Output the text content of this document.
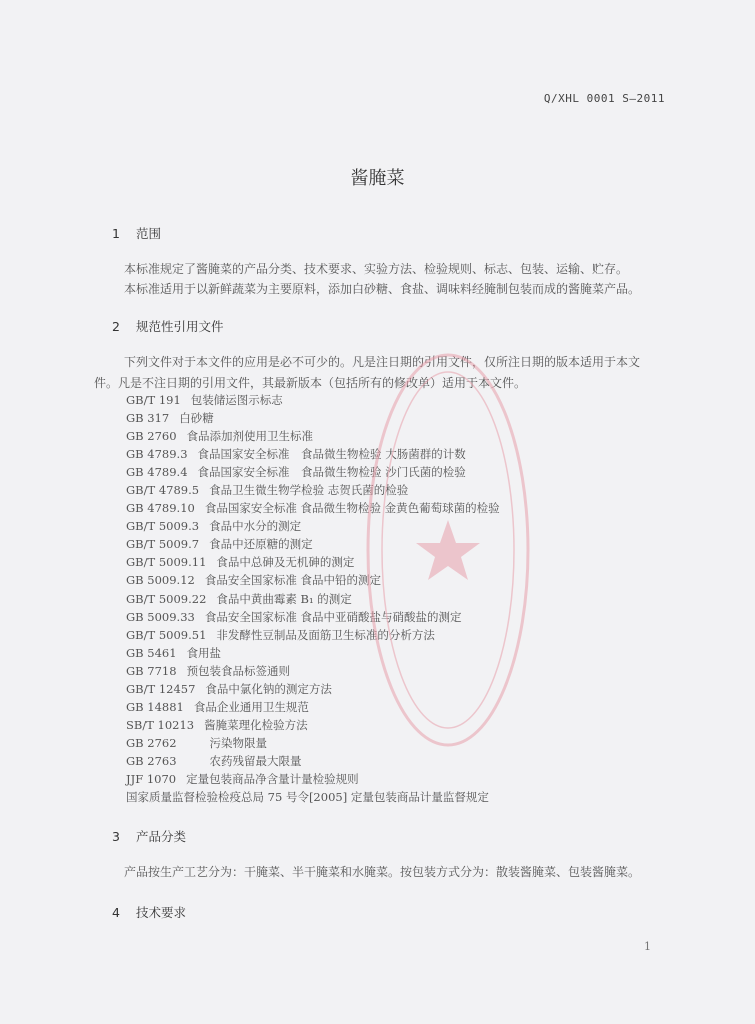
Q/XHL 0001 S—2011
酱腌菜
1 范围
本标准规定了酱腌菜的产品分类、技术要求、实验方法、检验规则、标志、包装、运输、贮存。
本标准适用于以新鲜蔬菜为主要原料，添加白砂糖、食盐、调味料经腌制包装而成的酱腌菜产品。
2 规范性引用文件
下列文件对于本文件的应用是必不可少的。凡是注日期的引用文件，仅所注日期的版本适用于本文
件。凡是不注日期的引用文件，其最新版本（包括所有的修改单）适用于本文件。
GB/T 191 包装储运图示标志
GB 317 白砂糖
GB 2760 食品添加剂使用卫生标准
GB 4789.3 食品国家安全标准　食品微生物检验 大肠菌群的计数
GB 4789.4 食品国家安全标准　食品微生物检验 沙门氏菌的检验
GB/T 4789.5 食品卫生微生物学检验 志贺氏菌的检验
GB 4789.10 食品国家安全标准 食品微生物检验 金黄色葡萄球菌的检验
GB/T 5009.3 食品中水分的测定
GB/T 5009.7 食品中还原糖的测定
GB/T 5009.11 食品中总砷及无机砷的测定
GB 5009.12 食品安全国家标准 食品中铅的测定
GB/T 5009.22 食品中黄曲霉素 B₁ 的测定
GB 5009.33 食品安全国家标准 食品中亚硝酸盐与硝酸盐的测定
GB/T 5009.51 非发酵性豆制品及面筋卫生标准的分析方法
GB 5461 食用盐
GB 7718 预包装食品标签通则
GB/T 12457 食品中氯化钠的测定方法
GB 14881 食品企业通用卫生规范
SB/T 10213 酱腌菜理化检验方法
GB 2762　　污染物限量
GB 2763　　农药残留最大限量
JJF 1070 定量包装商品净含量计量检验规则
国家质量监督检验检疫总局 75 号令[2005] 定量包装商品计量监督规定
3 产品分类
产品按生产工艺分为：干腌菜、半干腌菜和水腌菜。按包装方式分为：散装酱腌菜、包装酱腌菜。
4 技术要求
1
